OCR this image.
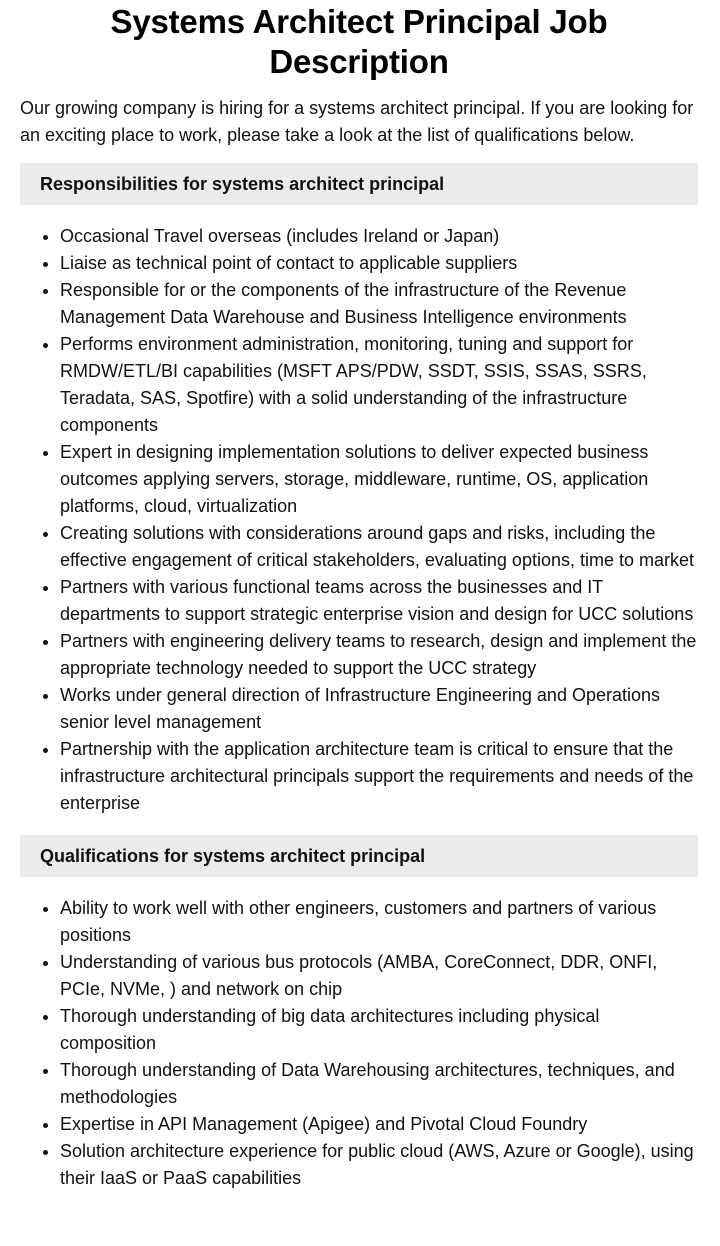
Systems Architect Principal Job Description

Our growing company is hiring for a systems architect principal. If you are looking for an exciting place to work, please take a look at the list of qualifications below.

Responsibilities for systems architect principal
• Occasional Travel overseas (includes Ireland or Japan)
• Liaise as technical point of contact to applicable suppliers
• Responsible for or the components of the infrastructure of the Revenue Management Data Warehouse and Business Intelligence environments
• Performs environment administration, monitoring, tuning and support for RMDW/ETL/BI capabilities (MSFT APS/PDW, SSDT, SSIS, SSAS, SSRS, Teradata, SAS, Spotfire) with a solid understanding of the infrastructure components
• Expert in designing implementation solutions to deliver expected business outcomes applying servers, storage, middleware, runtime, OS, application platforms, cloud, virtualization
• Creating solutions with considerations around gaps and risks, including the effective engagement of critical stakeholders, evaluating options, time to market
• Partners with various functional teams across the businesses and IT departments to support strategic enterprise vision and design for UCC solutions
• Partners with engineering delivery teams to research, design and implement the appropriate technology needed to support the UCC strategy
• Works under general direction of Infrastructure Engineering and Operations senior level management
• Partnership with the application architecture team is critical to ensure that the infrastructure architectural principals support the requirements and needs of the enterprise
Qualifications for systems architect principal
• Ability to work well with other engineers, customers and partners of various positions
• Understanding of various bus protocols (AMBA, CoreConnect, DDR, ONFI, PCIe, NVMe, ) and network on chip
• Thorough understanding of big data architectures including physical composition
• Thorough understanding of Data Warehousing architectures, techniques, and methodologies
• Expertise in API Management (Apigee) and Pivotal Cloud Foundry
• Solution architecture experience for public cloud (AWS, Azure or Google), using their IaaS or PaaS capabilities
